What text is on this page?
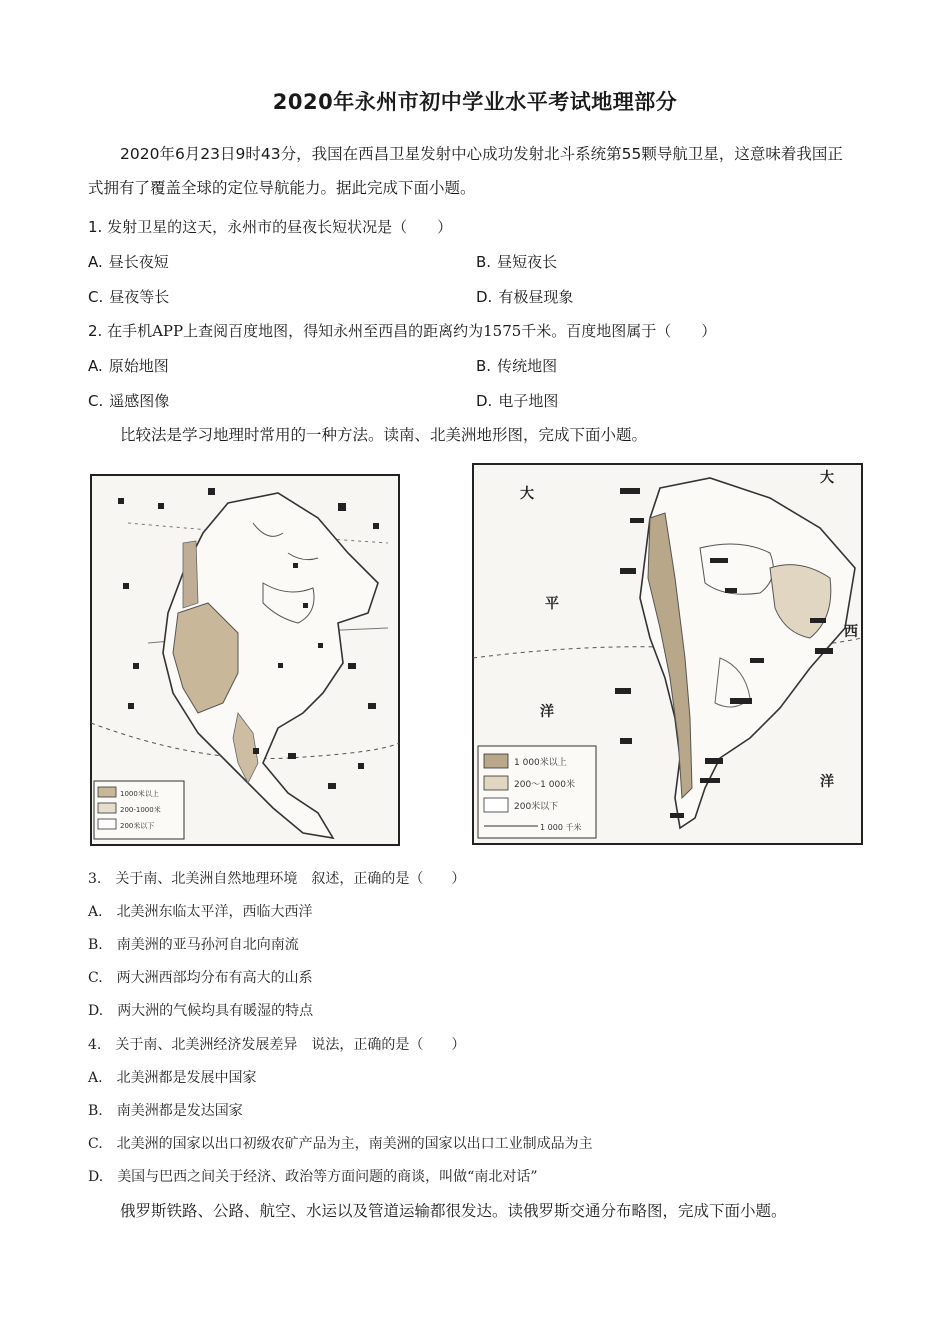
2020年永州市初中学业水平考试地理部分
2020年6月23日9时43分，我国在西昌卫星发射中心成功发射北斗系统第55颗导航卫星，这意味着我国正式拥有了覆盖全球的定位导航能力。据此完成下面小题。
1. 发射卫星的这天，永州市的昼夜长短状况是（　　）
A. 昼长夜短	B. 昼短夜长
C. 昼夜等长	D. 有极昼现象
2. 在手机APP上查阅百度地图，得知永州至西昌的距离约为1575千米。百度地图属于（　　）
A. 原始地图	B. 传统地图
C. 遥感图像	D. 电子地图
比较法是学习地理时常用的一种方法。读南、北美洲地形图，完成下面小题。
1000米以上
200-1000米
200米以下
大
大
平
洋
西
洋
1 000米以上
200～1 000米
200米以下
1 000 千米
3. 关于南、北美洲自然地理环境　叙述，正确的是（　　）
A. 北美洲东临太平洋，西临大西洋
B. 南美洲的亚马孙河自北向南流
C. 两大洲西部均分布有高大的山系
D. 两大洲的气候均具有暖湿的特点
4. 关于南、北美洲经济发展差异　说法，正确的是（　　）
A. 北美洲都是发展中国家
B. 南美洲都是发达国家
C. 北美洲的国家以出口初级农矿产品为主，南美洲的国家以出口工业制成品为主
D. 美国与巴西之间关于经济、政治等方面问题的商谈，叫做“南北对话”
俄罗斯铁路、公路、航空、水运以及管道运输都很发达。读俄罗斯交通分布略图，完成下面小题。
